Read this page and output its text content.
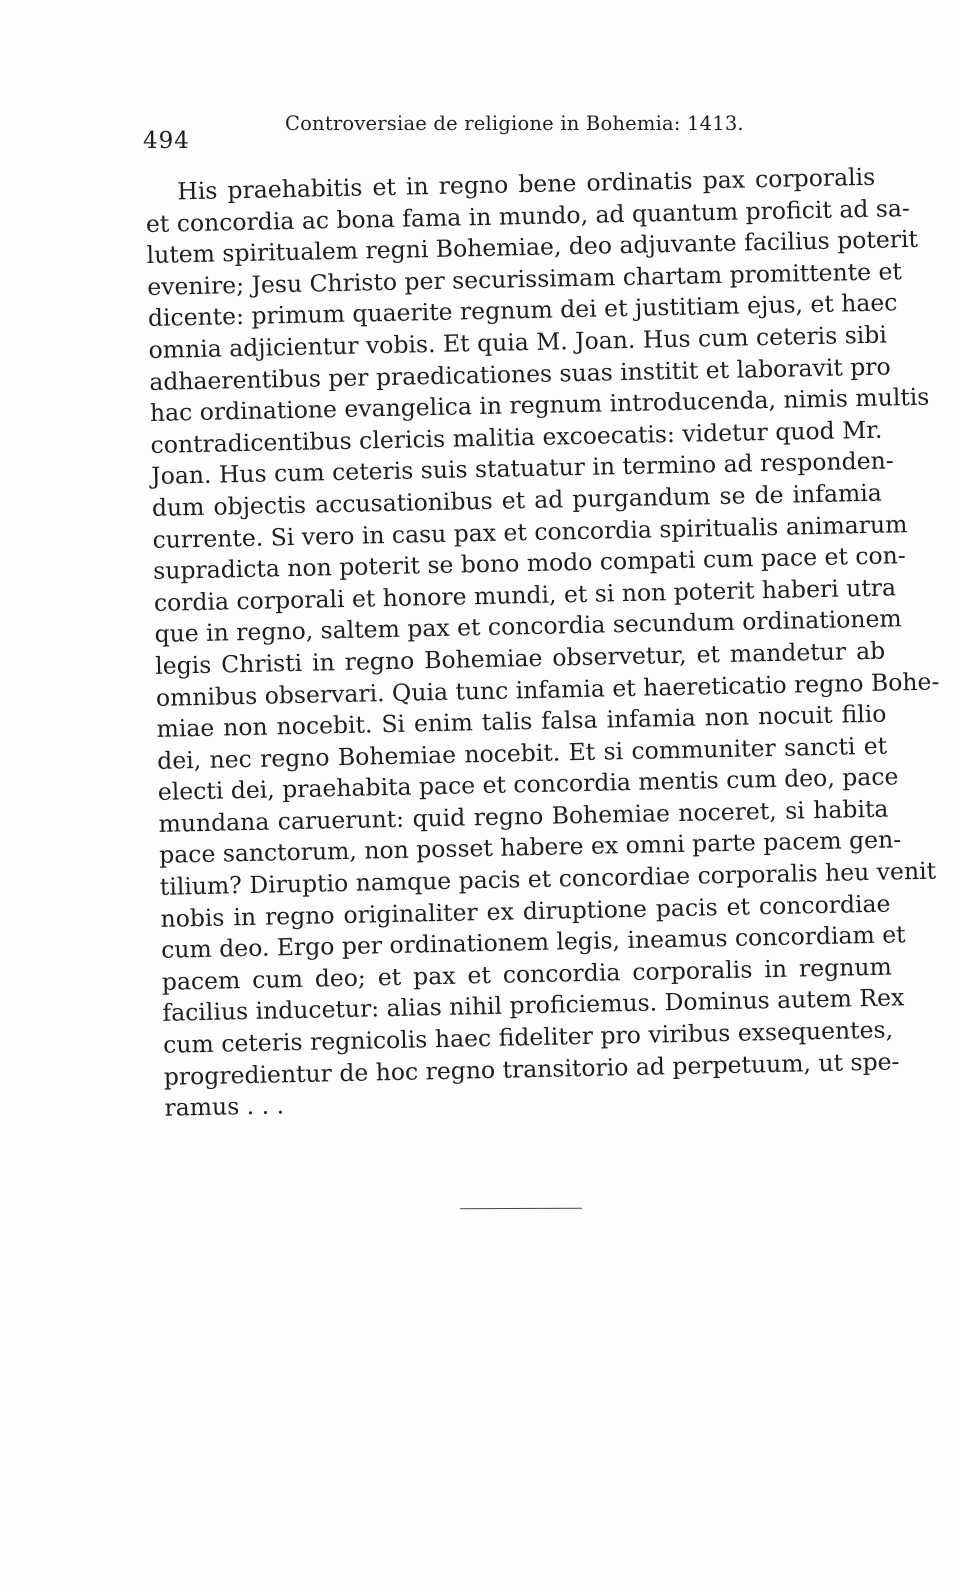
494
Controversiae de religione in Bohemia: 1413.
His praehabitis et in regno bene ordinatis pax corporalis
et concordia ac bona fama in mundo, ad quantum proficit ad sa-
lutem spiritualem regni Bohemiae, deo adjuvante facilius poterit
evenire; Jesu Christo per securissimam chartam promittente et
dicente: primum quaerite regnum dei et justitiam ejus, et haec
omnia adjicientur vobis. Et quia M. Joan. Hus cum ceteris sibi
adhaerentibus per praedicationes suas institit et laboravit pro
hac ordinatione evangelica in regnum introducenda, nimis multis
contradicentibus clericis malitia excoecatis: videtur quod Mr.
Joan. Hus cum ceteris suis statuatur in termino ad responden-
dum objectis accusationibus et ad purgandum se de infamia
currente. Si vero in casu pax et concordia spiritualis animarum
supradicta non poterit se bono modo compati cum pace et con-
cordia corporali et honore mundi, et si non poterit haberi utra
que in regno, saltem pax et concordia secundum ordinationem
legis Christi in regno Bohemiae observetur, et mandetur ab
omnibus observari. Quia tunc infamia et haereticatio regno Bohe-
miae non nocebit. Si enim talis falsa infamia non nocuit filio
dei, nec regno Bohemiae nocebit. Et si communiter sancti et
electi dei, praehabita pace et concordia mentis cum deo, pace
mundana caruerunt: quid regno Bohemiae noceret, si habita
pace sanctorum, non posset habere ex omni parte pacem gen-
tilium? Diruptio namque pacis et concordiae corporalis heu venit
nobis in regno originaliter ex diruptione pacis et concordiae
cum deo. Ergo per ordinationem legis, ineamus concordiam et
pacem cum deo; et pax et concordia corporalis in regnum
facilius inducetur: alias nihil proficiemus. Dominus autem Rex
cum ceteris regnicolis haec fideliter pro viribus exsequentes,
progredientur de hoc regno transitorio ad perpetuum, ut spe-
ramus . . .
